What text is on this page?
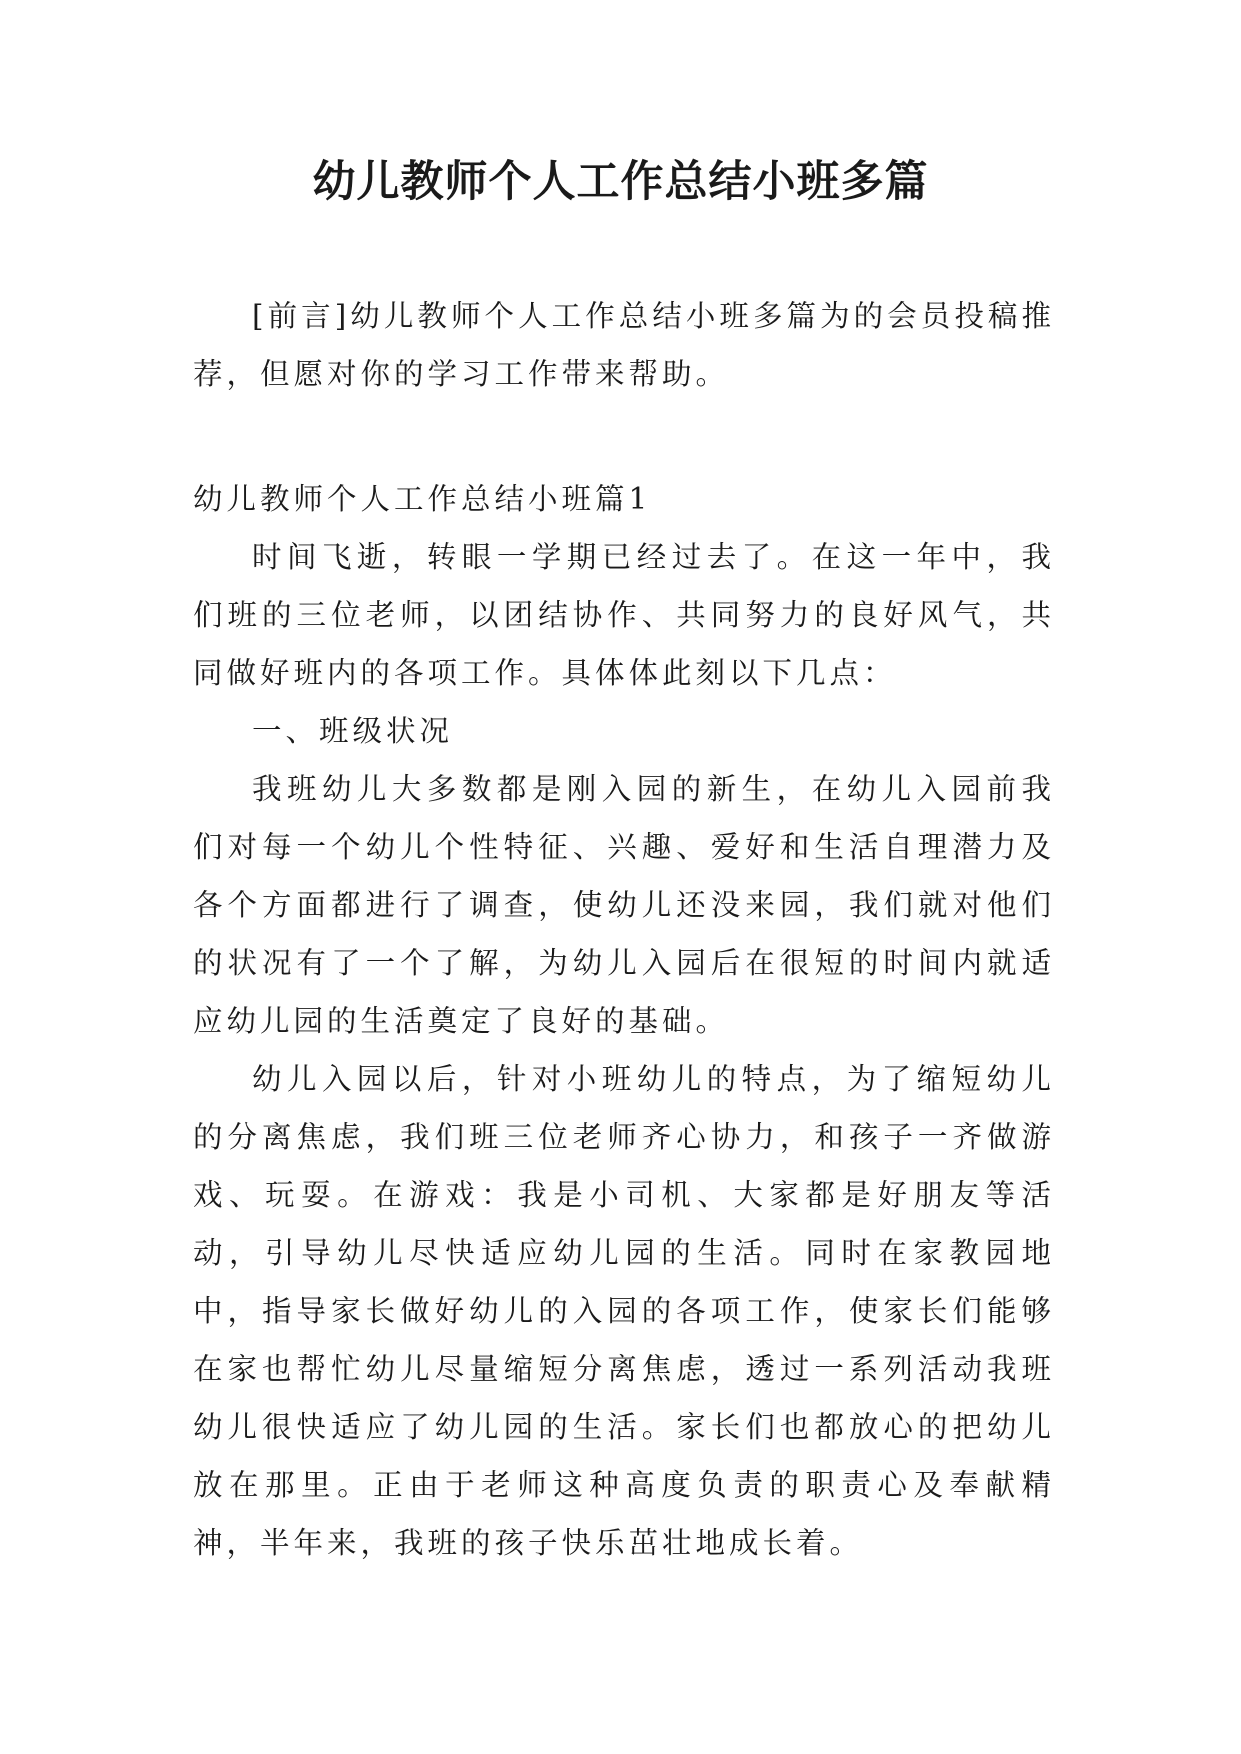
幼儿教师个人工作总结小班多篇

[前言]幼儿教师个人工作总结小班多篇为的会员投稿推荐，但愿对你的学习工作带来帮助。

幼儿教师个人工作总结小班篇1

时间飞逝，转眼一学期已经过去了。在这一年中，我们班的三位老师，以团结协作、共同努力的良好风气，共同做好班内的各项工作。具体体此刻以下几点：

一、班级状况

我班幼儿大多数都是刚入园的新生，在幼儿入园前我们对每一个幼儿个性特征、兴趣、爱好和生活自理潜力及各个方面都进行了调查，使幼儿还没来园，我们就对他们的状况有了一个了解，为幼儿入园后在很短的时间内就适应幼儿园的生活奠定了良好的基础。

幼儿入园以后，针对小班幼儿的特点，为了缩短幼儿的分离焦虑，我们班三位老师齐心协力，和孩子一齐做游戏、玩耍。在游戏：我是小司机、大家都是好朋友等活动，引导幼儿尽快适应幼儿园的生活。同时在家教园地中，指导家长做好幼儿的入园的各项工作，使家长们能够在家也帮忙幼儿尽量缩短分离焦虑，透过一系列活动我班幼儿很快适应了幼儿园的生活。家长们也都放心的把幼儿放在那里。正由于老师这种高度负责的职责心及奉献精神，半年来，我班的孩子快乐茁壮地成长着。
